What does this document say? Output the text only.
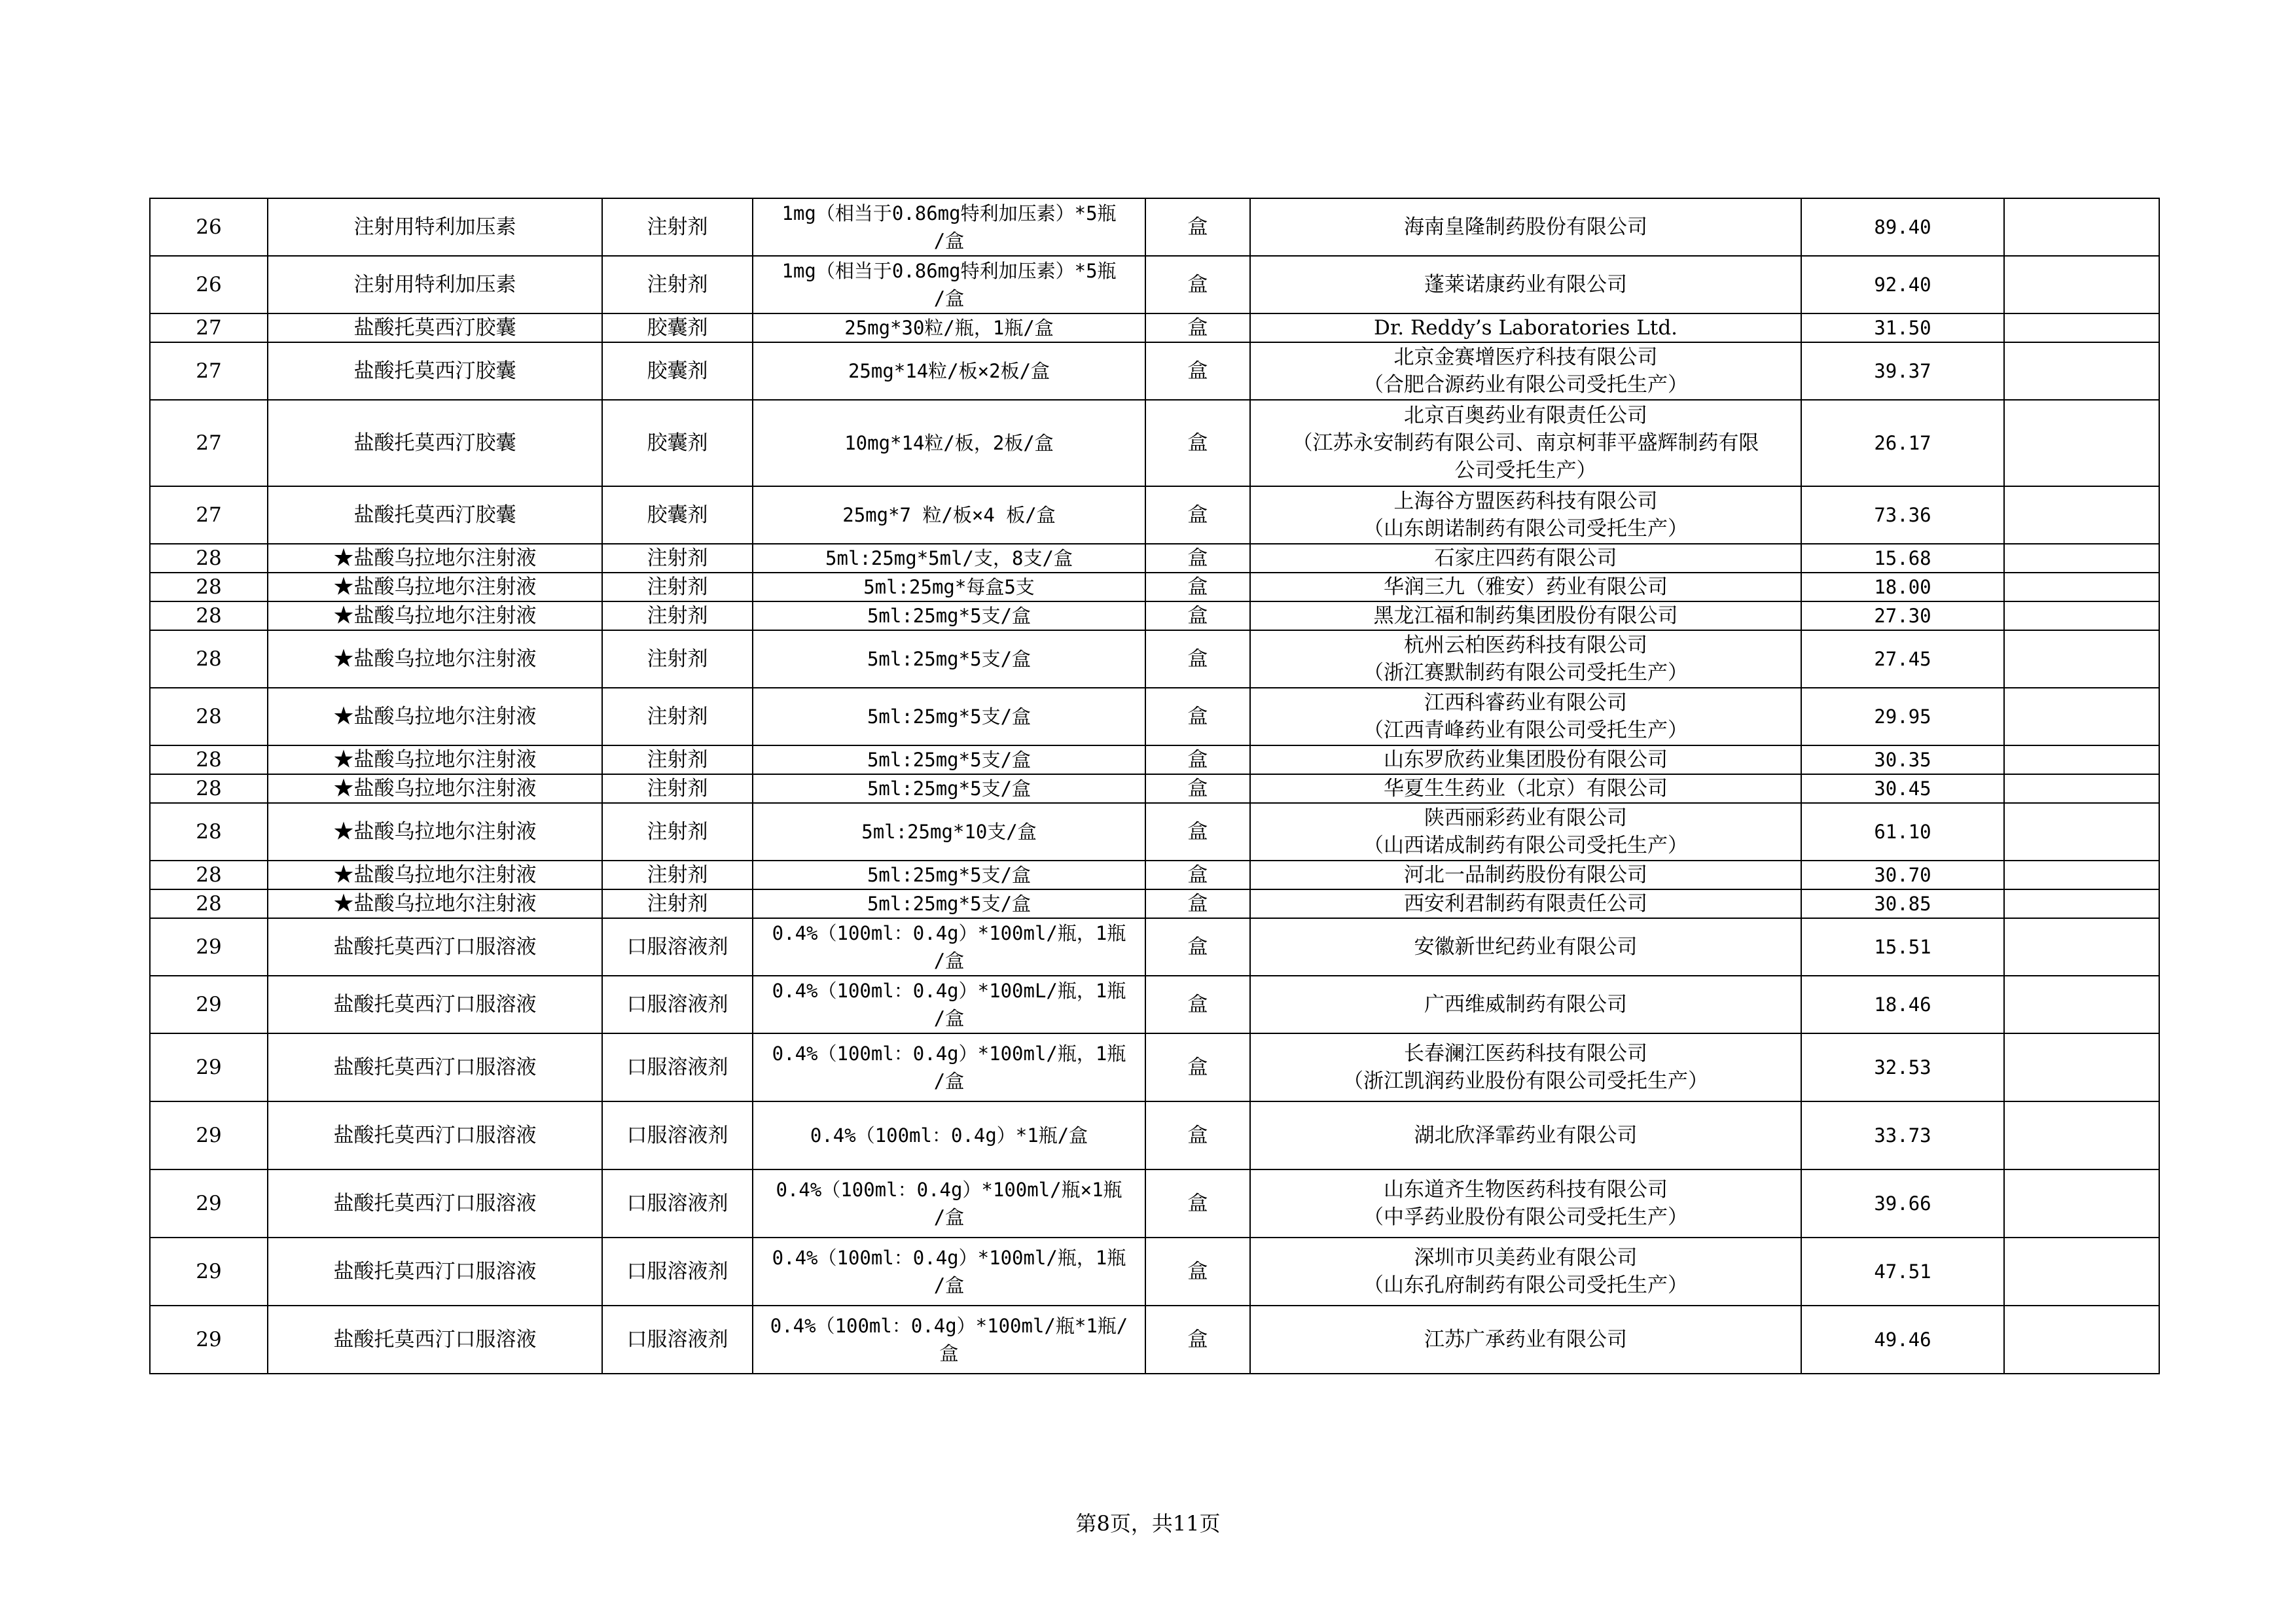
26	注射用特利加压素	注射剂	1mg（相当于0.86mg特利加压素）*5瓶
/盒	盒	海南皇隆制药股份有限公司	89.40	
26	注射用特利加压素	注射剂	1mg（相当于0.86mg特利加压素）*5瓶
/盒	盒	蓬莱诺康药业有限公司	92.40	
27	盐酸托莫西汀胶囊	胶囊剂	25mg*30粒/瓶，1瓶/盒	盒	Dr. Reddy’s Laboratories Ltd.	31.50	
27	盐酸托莫西汀胶囊	胶囊剂	25mg*14粒/板×2板/盒	盒	北京金赛增医疗科技有限公司
（合肥合源药业有限公司受托生产）	39.37	
27	盐酸托莫西汀胶囊	胶囊剂	10mg*14粒/板，2板/盒	盒	北京百奥药业有限责任公司
（江苏永安制药有限公司、南京柯菲平盛辉制药有限
公司受托生产）	26.17	
27	盐酸托莫西汀胶囊	胶囊剂	25mg*7 粒/板×4 板/盒	盒	上海谷方盟医药科技有限公司
（山东朗诺制药有限公司受托生产）	73.36	
28	★盐酸乌拉地尔注射液	注射剂	5ml:25mg*5ml/支，8支/盒	盒	石家庄四药有限公司	15.68	
28	★盐酸乌拉地尔注射液	注射剂	5ml:25mg*每盒5支	盒	华润三九（雅安）药业有限公司	18.00	
28	★盐酸乌拉地尔注射液	注射剂	5ml:25mg*5支/盒	盒	黑龙江福和制药集团股份有限公司	27.30	
28	★盐酸乌拉地尔注射液	注射剂	5ml:25mg*5支/盒	盒	杭州云柏医药科技有限公司
（浙江赛默制药有限公司受托生产）	27.45	
28	★盐酸乌拉地尔注射液	注射剂	5ml:25mg*5支/盒	盒	江西科睿药业有限公司
（江西青峰药业有限公司受托生产）	29.95	
28	★盐酸乌拉地尔注射液	注射剂	5ml:25mg*5支/盒	盒	山东罗欣药业集团股份有限公司	30.35	
28	★盐酸乌拉地尔注射液	注射剂	5ml:25mg*5支/盒	盒	华夏生生药业（北京）有限公司	30.45	
28	★盐酸乌拉地尔注射液	注射剂	5ml:25mg*10支/盒	盒	陕西丽彩药业有限公司
（山西诺成制药有限公司受托生产）	61.10	
28	★盐酸乌拉地尔注射液	注射剂	5ml:25mg*5支/盒	盒	河北一品制药股份有限公司	30.70	
28	★盐酸乌拉地尔注射液	注射剂	5ml:25mg*5支/盒	盒	西安利君制药有限责任公司	30.85	
29	盐酸托莫西汀口服溶液	口服溶液剂	0.4%（100ml：0.4g）*100ml/瓶，1瓶
/盒	盒	安徽新世纪药业有限公司	15.51	
29	盐酸托莫西汀口服溶液	口服溶液剂	0.4%（100ml：0.4g）*100mL/瓶，1瓶
/盒	盒	广西维威制药有限公司	18.46	
29	盐酸托莫西汀口服溶液	口服溶液剂	0.4%（100ml：0.4g）*100ml/瓶，1瓶
/盒	盒	长春澜江医药科技有限公司
（浙江凯润药业股份有限公司受托生产）	32.53	
29	盐酸托莫西汀口服溶液	口服溶液剂	0.4%（100ml：0.4g）*1瓶/盒	盒	湖北欣泽霏药业有限公司	33.73	
29	盐酸托莫西汀口服溶液	口服溶液剂	0.4%（100ml：0.4g）*100ml/瓶×1瓶
/盒	盒	山东道齐生物医药科技有限公司
（中孚药业股份有限公司受托生产）	39.66	
29	盐酸托莫西汀口服溶液	口服溶液剂	0.4%（100ml：0.4g）*100ml/瓶，1瓶
/盒	盒	深圳市贝美药业有限公司
（山东孔府制药有限公司受托生产）	47.51	
29	盐酸托莫西汀口服溶液	口服溶液剂	0.4%（100ml：0.4g）*100ml/瓶*1瓶/
盒	盒	江苏广承药业有限公司	49.46	
第8页，共11页
